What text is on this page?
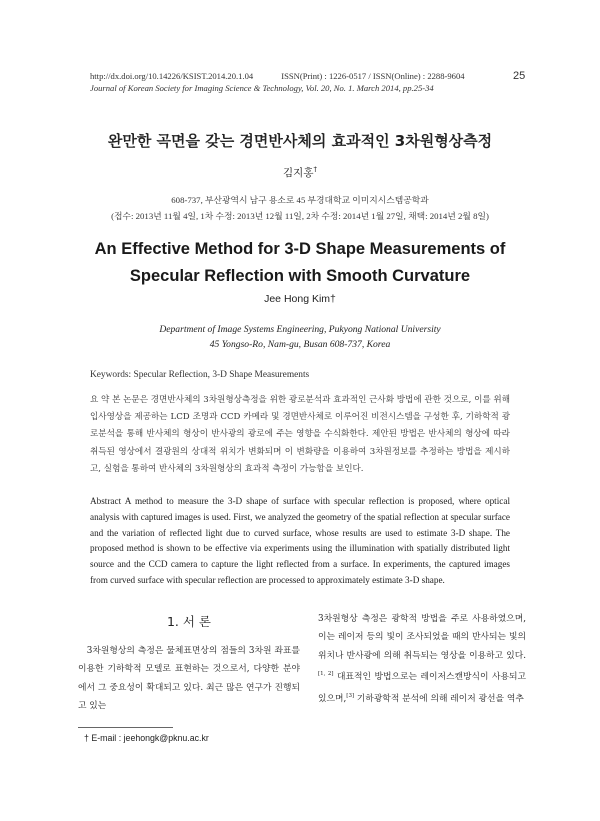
http://dx.doi.org/10.14226/KSIST.2014.20.1.04	ISSN(Print) : 1226-0517 / ISSN(Online) : 2288-9604
Journal of Korean Society for Imaging Science & Technology, Vol. 20, No. 1. March 2014, pp.25-34
25
완만한 곡면을 갖는 경면반사체의 효과적인 3차원형상측정
김지홍†
608-737, 부산광역시 남구 용소로 45 부경대학교 이미지시스템공학과
(접수: 2013년 11월 4일, 1차 수정: 2013년 12월 11일, 2차 수정: 2014년 1월 27일, 채택: 2014년 2월 8일)
An Effective Method for 3-D Shape Measurements of
Specular Reflection with Smooth Curvature
Jee Hong Kim†
Department of Image Systems Engineering, Pukyong National University
45 Yongso-Ro, Nam-gu, Busan 608-737, Korea
Keywords: Specular Reflection, 3-D Shape Measurements
요 약 본 논문은 경면반사체의 3차원형상측정을 위한 광로분석과 효과적인 근사화 방법에 관한 것으로, 이를 위해 입사영상을 제공하는 LCD 조명과 CCD 카메라 및 경면반사체로 이루어진 비전시스템을 구성한 후, 기하학적 광로분석을 통해 반사체의 형상이 반사광의 광로에 주는 영향을 수식화한다. 제안된 방법은 반사체의 형상에 따라 취득된 영상에서 결광원의 상대적 위치가 변화되며 이 변화량을 이용하여 3차원정보를 추정하는 방법을 제시하고, 실험을 통하여 반사체의 3차원형상의 효과적 측정이 가능함을 보인다.
Abstract A method to measure the 3-D shape of surface with specular reflection is proposed, where optical analysis with captured images is used. First, we analyzed the geometry of the spatial reflection at specular surface and the variation of reflected light due to curved surface, whose results are used to estimate 3-D shape. The proposed method is shown to be effective via experiments using the illumination with spatially distributed light source and the CCD camera to capture the light reflected from a surface. In experiments, the captured images from curved surface with specular reflection are processed to approximately estimate 3-D shape.
1. 서 론

3차원형상의 측정은 물체표면상의 점들의 3차원 좌표를 이용한 기하학적 모델로 표현하는 것으로서, 다양한 분야에서 그 중요성이 확대되고 있다. 최근 많은 연구가 진행되고 있는

3차원형상 측정은 광학적 방법을 주로 사용하였으며, 이는 레이저 등의 빛이 조사되었을 때의 반사되는 빛의 위치나 반사광에 의해 취득되는 영상을 이용하고 있다.[1, 2] 대표적인 방법으로는 레이저스캔방식이 사용되고 있으며,[3] 기하광학적 분석에 의해 레이저 광선을 역추

† E-mail : jeehongk@pknu.ac.kr
